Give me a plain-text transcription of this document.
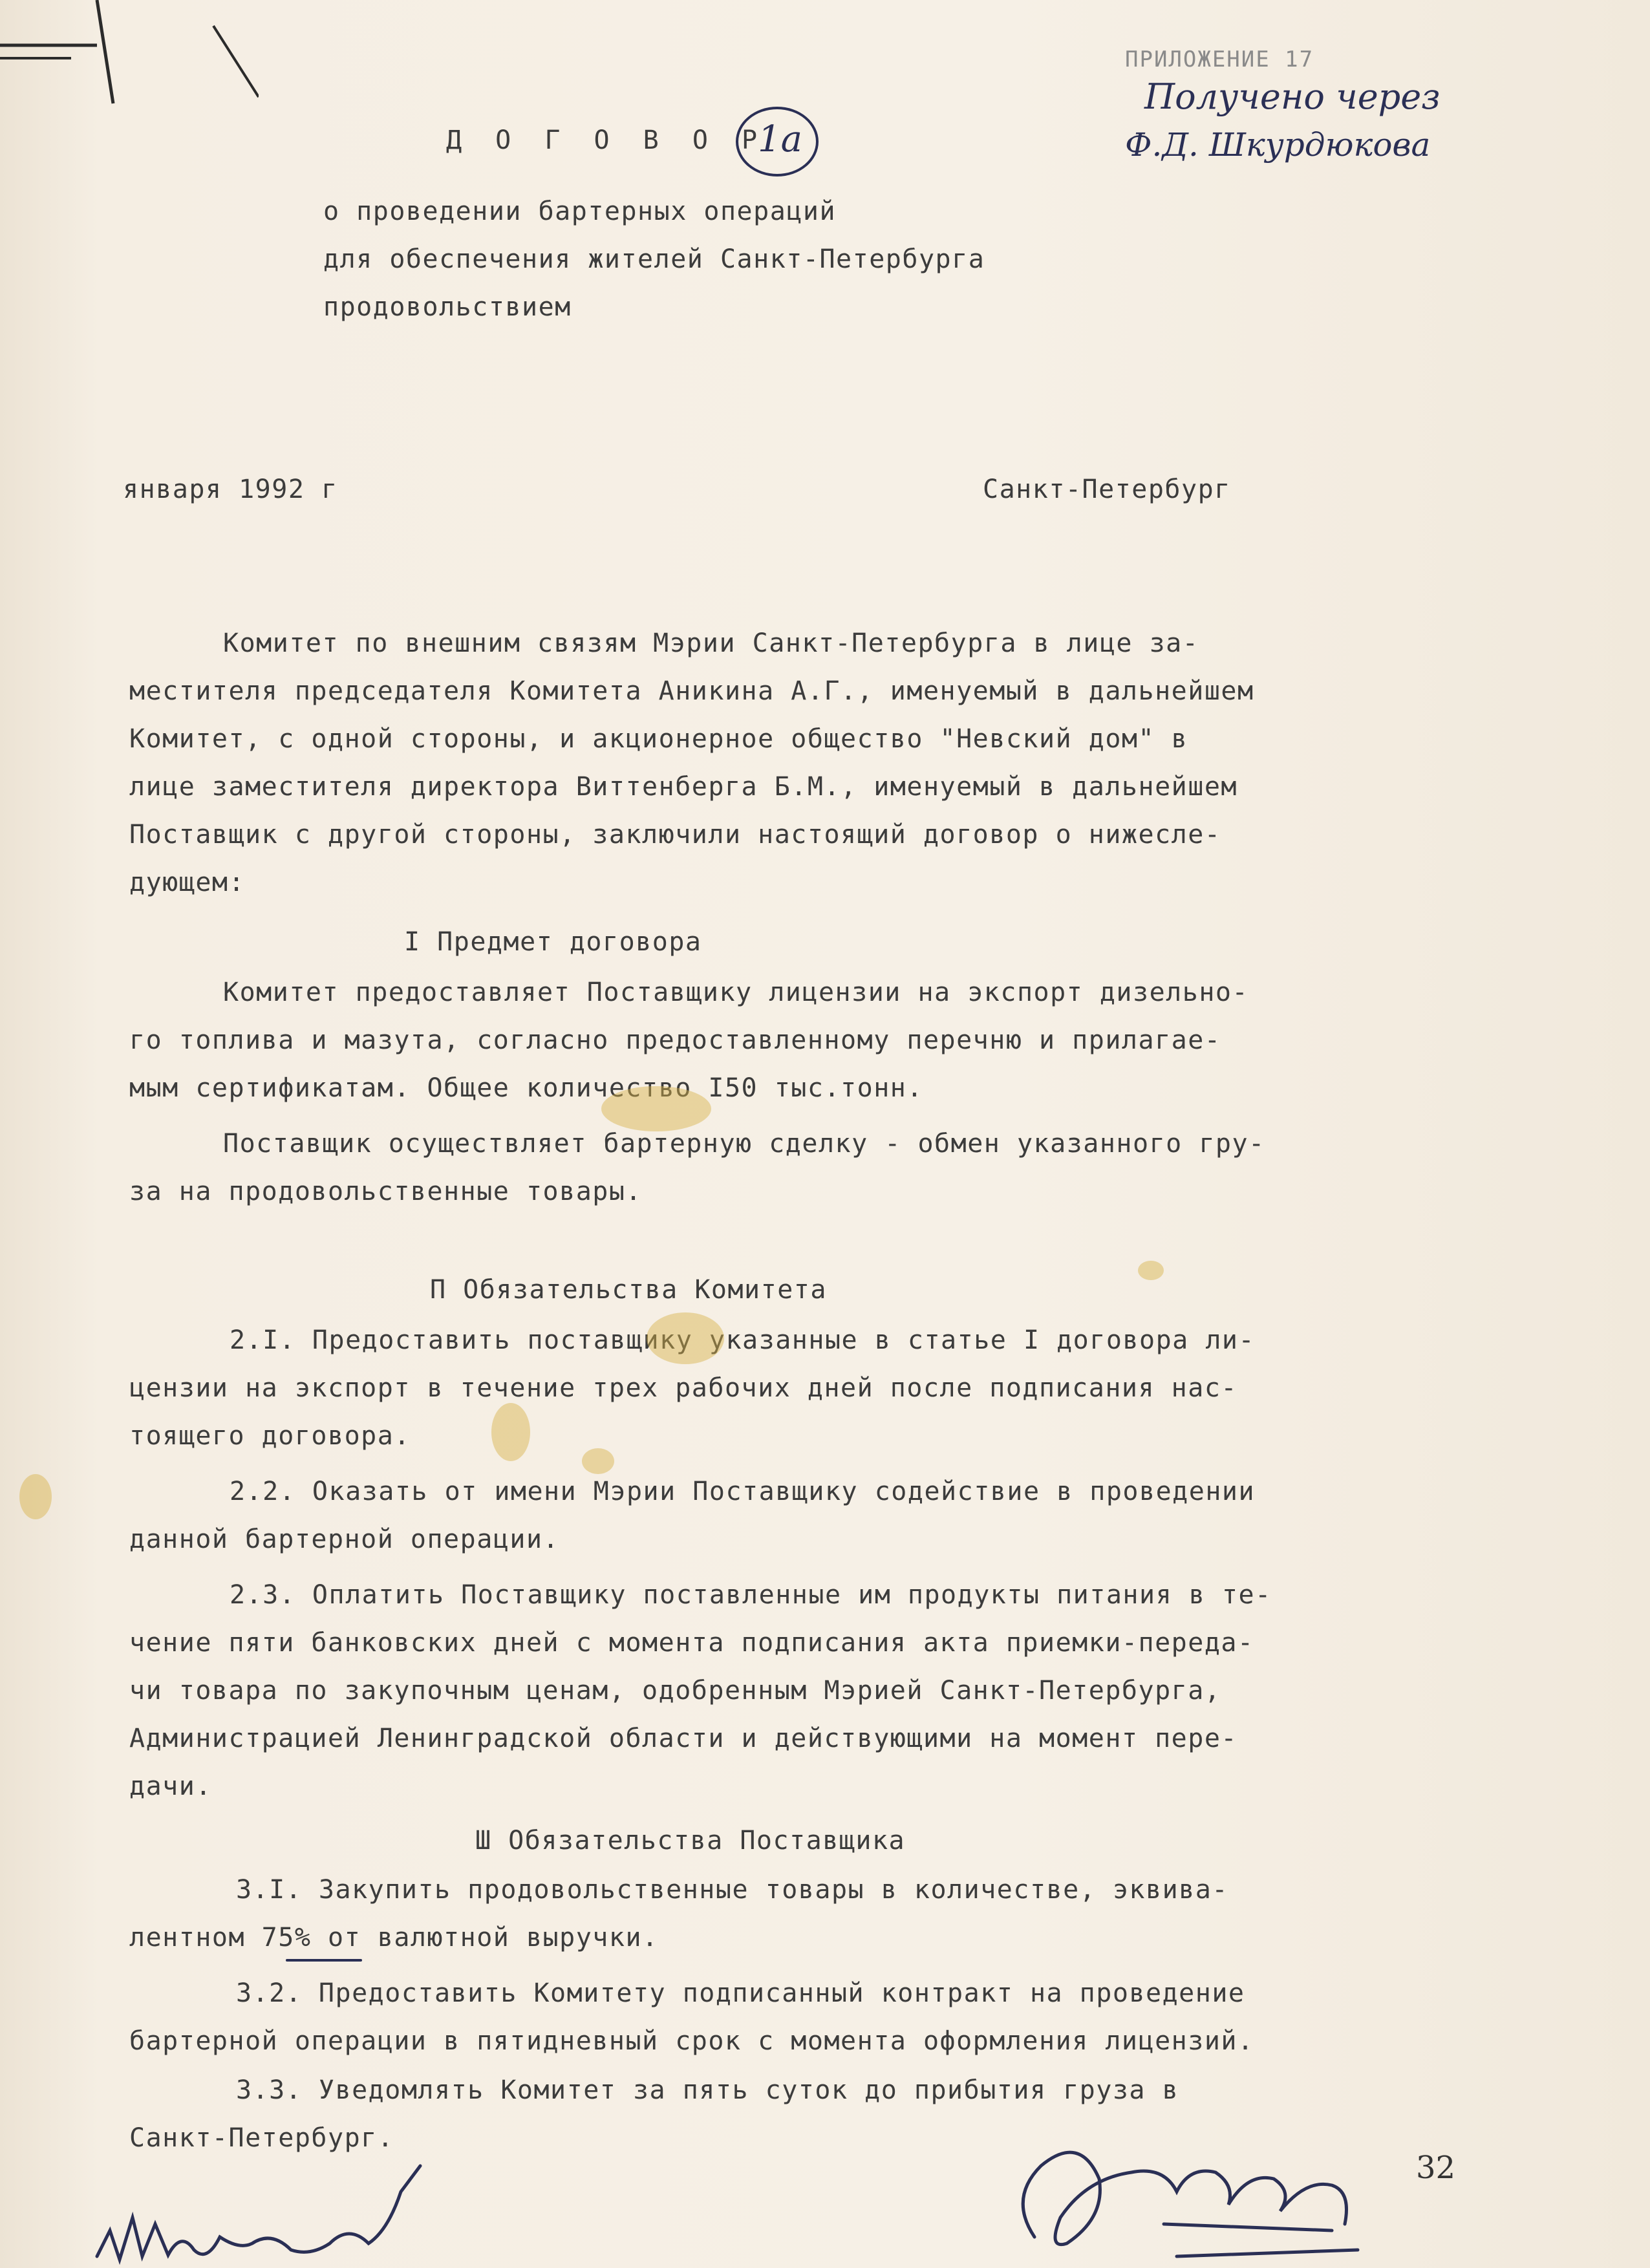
ПРИЛОЖЕНИЕ 17
Получено через
Ф.Д. Шкурдюкова
Д О Г О В О Р
1а
о проведении бартерных операций
для обеспечения жителей Санкт-Петербурга
продовольствием
января 1992 г	Санкт-Петербург
Комитет по внешним связям Мэрии Санкт-Петербурга в лице за-
местителя председателя Комитета Аникина А.Г., именуемый в дальнейшем
Комитет, с одной стороны, и акционерное общество "Невский дом" в
лице заместителя директора Виттенберга Б.М., именуемый в дальнейшем
Поставщик с другой стороны, заключили настоящий договор о нижесле-
дующем:
I Предмет договора
Комитет предоставляет Поставщику лицензии на экспорт дизельно-
го топлива и мазута, согласно предоставленному перечню и прилагае-
мым сертификатам. Общее количество I50 тыс.тонн.
Поставщик осуществляет бартерную сделку - обмен указанного гру-
за на продовольственные товары.
П Обязательства Комитета
2.I. Предоставить поставщику указанные в статье I договора ли-
цензии на экспорт в течение трех рабочих дней после подписания нас-
тоящего договора.
2.2. Оказать от имени Мэрии Поставщику содействие в проведении
данной бартерной операции.
2.3. Оплатить Поставщику поставленные им продукты питания в те-
чение пяти банковских дней с момента подписания акта приемки-переда-
чи товара по закупочным ценам, одобренным Мэрией Санкт-Петербурга,
Администрацией Ленинградской области и действующими на момент пере-
дачи.
Ш Обязательства Поставщика
3.I. Закупить продовольственные товары в количестве, эквива-
лентном 75% от валютной выручки.
3.2. Предоставить Комитету подписанный контракт на проведение
бартерной операции в пятидневный срок с момента оформления лицензий.
3.3. Уведомлять Комитет за пять суток до прибытия груза в
Санкт-Петербург.
32
